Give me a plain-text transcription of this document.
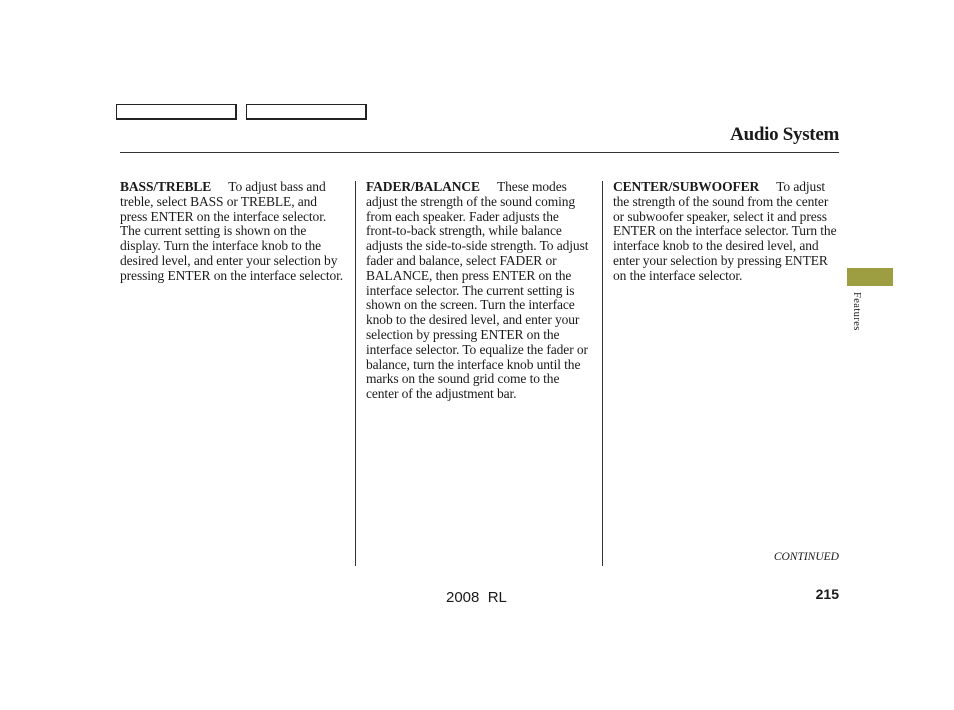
Audio System
BASS/TREBLE To adjust bass and treble, select BASS or TREBLE, and press ENTER on the interface selector. The current setting is shown on the display. Turn the interface knob to the desired level, and enter your selection by pressing ENTER on the interface selector.
FADER/BALANCE These modes adjust the strength of the sound coming from each speaker. Fader adjusts the front-to-back strength, while balance adjusts the side-to-side strength. To adjust fader and balance, select FADER or BALANCE, then press ENTER on the interface selector. The current setting is shown on the screen. Turn the interface knob to the desired level, and enter your selection by pressing ENTER on the interface selector. To equalize the fader or balance, turn the interface knob until the marks on the sound grid come to the center of the adjustment bar.
CENTER/SUBWOOFER To adjust the strength of the sound from the center or subwoofer speaker, select it and press ENTER on the interface selector. Turn the interface knob to the desired level, and enter your selection by pressing ENTER on the interface selector.
Features
CONTINUED
2008  RL	215
